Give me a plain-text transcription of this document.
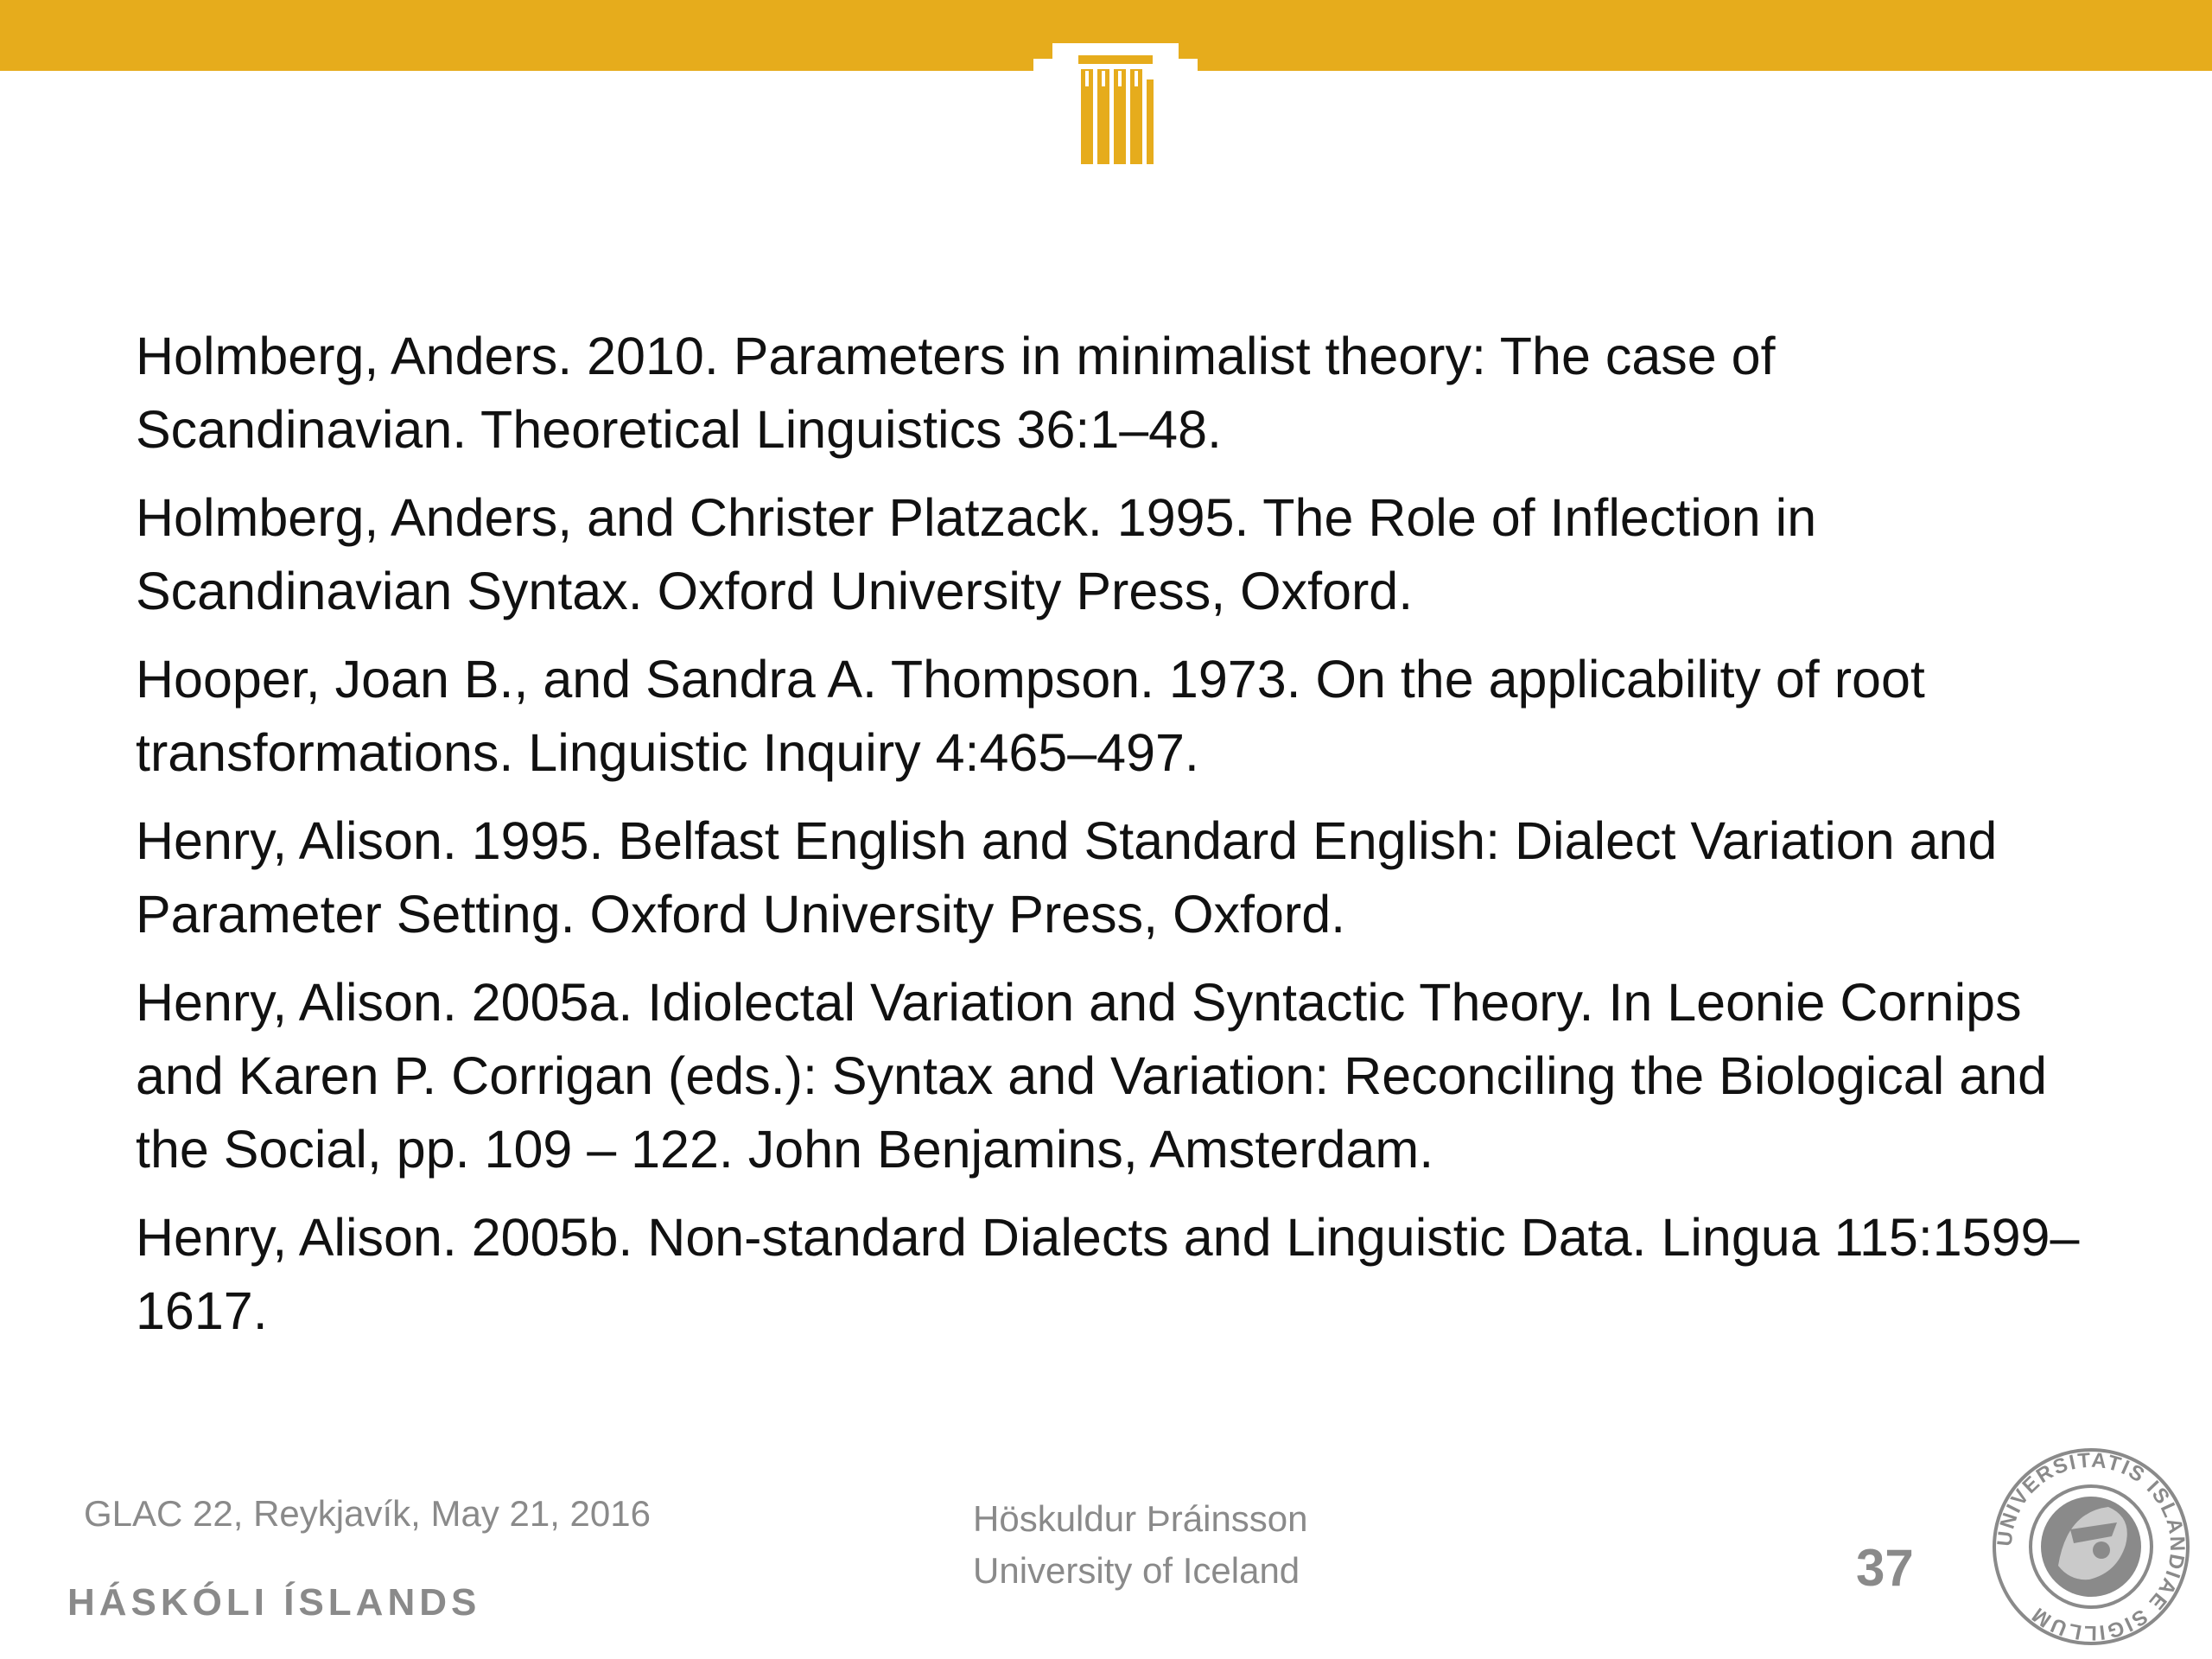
Holmberg, Anders. 2010. Parameters in minimalist theory: The case of Scandinavian. Theoretical Linguistics 36:1–48.

Holmberg, Anders, and Christer Platzack. 1995. The Role of Inflection in Scandinavian Syntax. Oxford University Press, Oxford.

Hooper, Joan B., and Sandra A. Thompson. 1973. On the applicability of root transformations. Linguistic Inquiry 4:465–497.

Henry, Alison. 1995. Belfast English and Standard English: Dialect Variation and Parameter Setting. Oxford University Press, Oxford.

Henry, Alison. 2005a. Idiolectal Variation and Syntactic Theory. In Leonie Cornips and Karen P. Corrigan (eds.): Syntax and Variation: Reconciling the Biological and the Social, pp. 109 – 122. John Benjamins, Amsterdam.

Henry, Alison. 2005b. Non-standard Dialects and Linguistic Data. Lingua 115:1599–1617.

GLAC 22, Reykjavík, May 21, 2016	Höskuldur Þráinsson
University of Iceland	37
HÁSKÓLI ÍSLANDS
UNIVERSITATIS ISLANDIAE SIGILLUM
